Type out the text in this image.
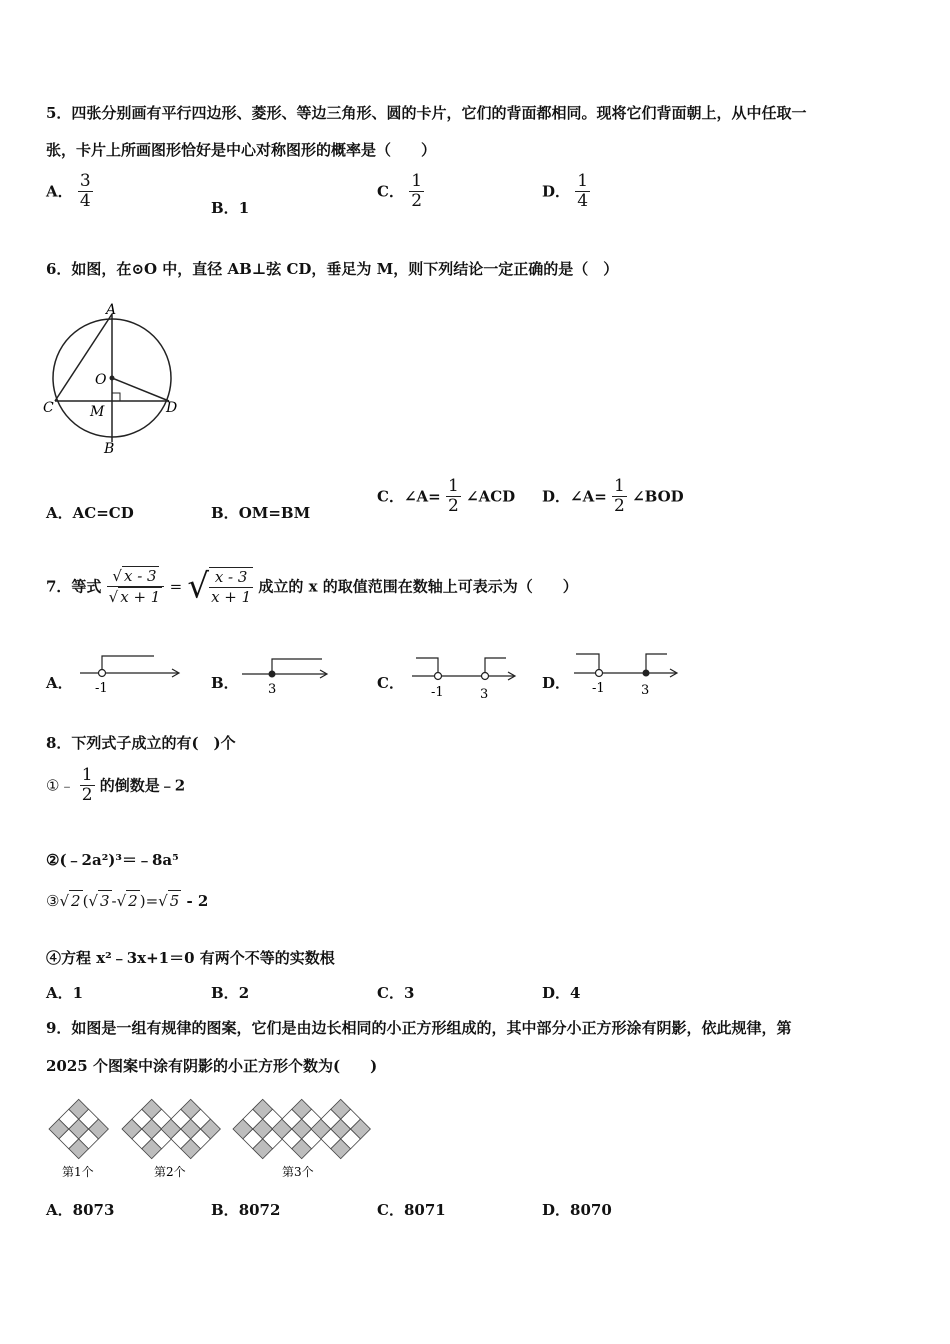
5．四张分别画有平行四边形、菱形、等边三角形、圆的卡片，它们的背面都相同。现将它们背面朝上，从中任取一
张，卡片上所画图形恰好是中心对称图形的概率是（　　）
A． $\frac{3}{4}$	B．1
C． $\frac{1}{2}$	D． $\frac{1}{4}$
6．如图，在⊙O 中，直径 AB⊥弦 CD，垂足为 M，则下列结论一定正确的是（　）
A
O
C	M	D
B
A．AC=CD	B．OM=BM
C．∠A= $\frac{1}{2}$ ∠ACD D．∠A= $\frac{1}{2}$ ∠BOD
7．等式 $\frac{√ x - 3}{√ x + 1}$ = √ $\frac{x - 3}{x + 1}$ 成立的 x 的取值范围在数轴上可表示为（　　）
A． -1	B． 3	C．
-1	3
D． -1	3
8．下列式子成立的有(　)个
①﹣ $\frac{1}{2}$ 的倒数是﹣2
②(﹣2a²)³＝﹣8a⁵
③√ 2 (√ 3 -√ 2 )=√ 5 - 2
④方程 x²﹣3x+1＝0 有两个不等的实数根
A．1	B．2	C．3	D．4
9．如图是一组有规律的图案，它们是由边长相同的小正方形组成的，其中部分小正方形涂有阴影，依此规律，第
2025 个图案中涂有阴影的小正方形个数为(　　)
第1个	第2个	第3个
A．8073	B．8072	C．8071	D．8070
